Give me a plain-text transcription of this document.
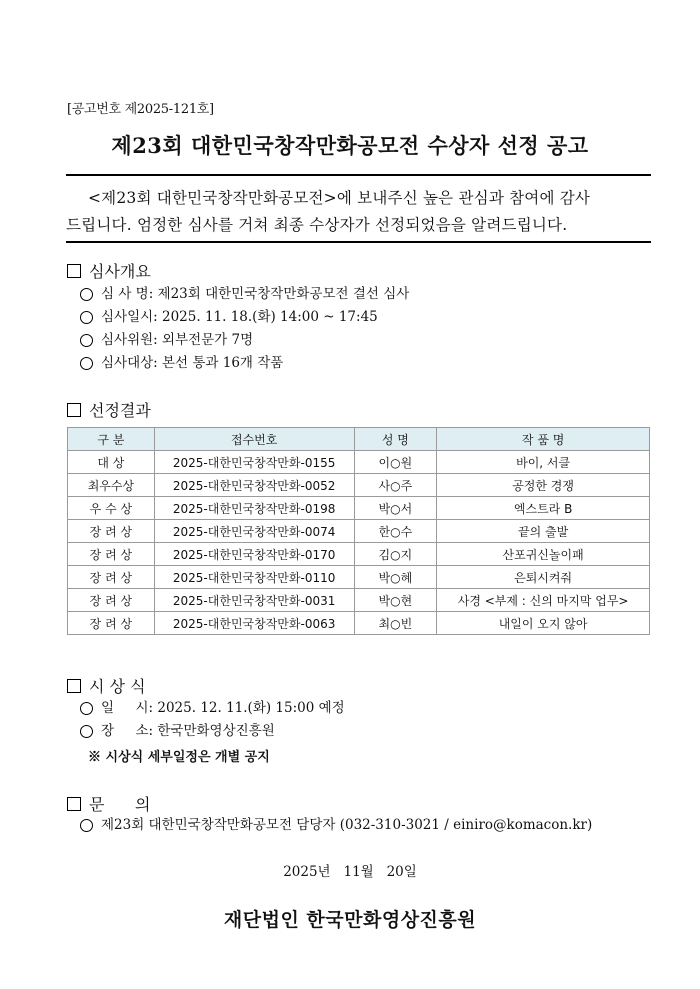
[공고번호 제2025-121호]
제23회 대한민국창작만화공모전 수상자 선정 공고
<제23회 대한민국창작만화공모전>에 보내주신 높은 관심과 참여에 감사
드립니다. 엄정한 심사를 거쳐 최종 수상자가 선정되었음을 알려드립니다.
심사개요
심 사 명: 제23회 대한민국창작만화공모전 결선 심사
심사일시: 2025. 11. 18.(화) 14:00 ~ 17:45
심사위원: 외부전문가 7명
심사대상: 본선 통과 16개 작품
선정결과
구 분	접수번호	성 명	작 품 명
대 상	2025-대한민국창작만화-0155	이○원	바이, 서클
최우수상	2025-대한민국창작만화-0052	사○주	공정한 경쟁
우 수 상	2025-대한민국창작만화-0198	박○서	엑스트라 B
장 려 상	2025-대한민국창작만화-0074	한○수	끝의 출발
장 려 상	2025-대한민국창작만화-0170	김○지	산포귀신놀이패
장 려 상	2025-대한민국창작만화-0110	박○혜	은퇴시켜줘
장 려 상	2025-대한민국창작만화-0031	박○현	사경 <부제 : 신의 마지막 업무>
장 려 상	2025-대한민국창작만화-0063	최○빈	내일이 오지 않아
시 상 식
일     시: 2025. 12. 11.(화) 15:00 예정
장     소: 한국만화영상진흥원
※ 시상식 세부일정은 개별 공지
문      의
제23회 대한민국창작만화공모전 담당자 (032-310-3021 / einiro@komacon.kr)
2025년   11월   20일
재단법인 한국만화영상진흥원
